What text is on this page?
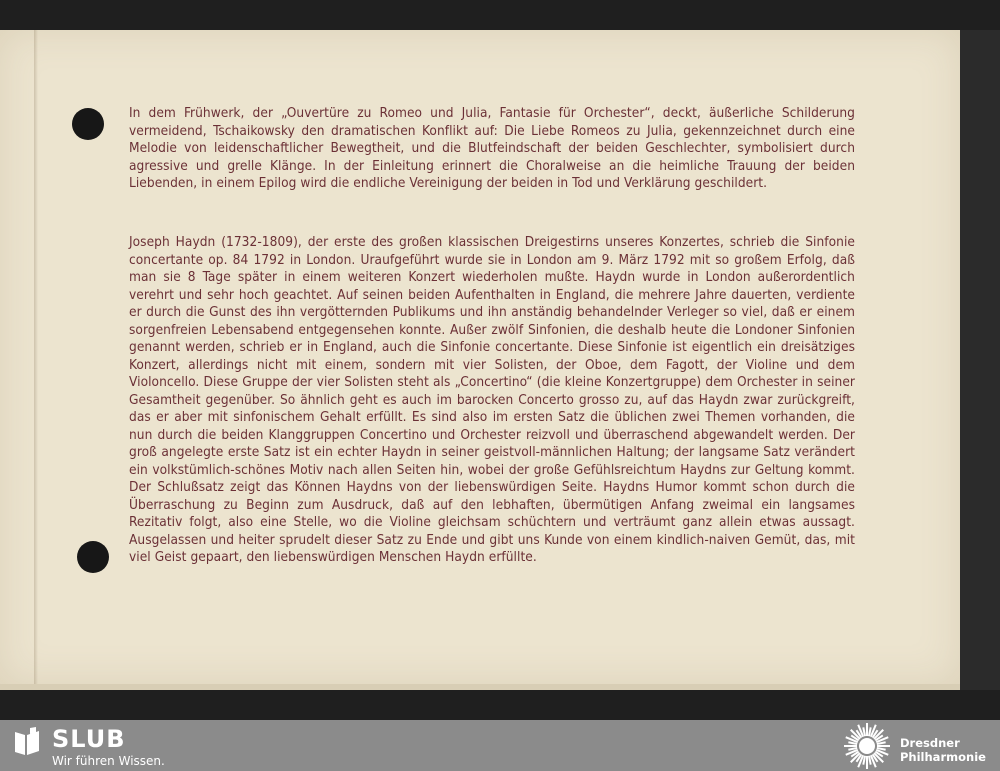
In dem Frühwerk, der „Ouvertüre zu Romeo und Julia, Fantasie für Orchester“, deckt, äußerliche Schilderung vermeidend, Tschaikowsky den dramatischen Konflikt auf: Die Liebe Romeos zu Julia, gekennzeichnet durch eine Melodie von leidenschaftlicher Bewegtheit, und die Blutfeindschaft der beiden Geschlechter, symbolisiert durch agressive und grelle Klänge. In der Einleitung erinnert die Choralweise an die heimliche Trauung der beiden Liebenden, in einem Epilog wird die endliche Vereinigung der beiden in Tod und Verklärung geschildert.
Joseph Haydn (1732-1809), der erste des großen klassischen Dreigestirns unseres Konzertes, schrieb die Sinfonie concertante op. 84 1792 in London. Uraufgeführt wurde sie in London am 9. März 1792 mit so großem Erfolg, daß man sie 8 Tage später in einem weiteren Konzert wiederholen mußte. Haydn wurde in London außerordentlich verehrt und sehr hoch geachtet. Auf seinen beiden Aufenthalten in England, die mehrere Jahre dauerten, verdiente er durch die Gunst des ihn vergötternden Publikums und ihn anständig behandelnder Verleger so viel, daß er einem sorgenfreien Lebensabend entgegensehen konnte. Außer zwölf Sinfonien, die deshalb heute die Londoner Sinfonien genannt werden, schrieb er in England, auch die Sinfonie concertante. Diese Sinfonie ist eigentlich ein dreisätziges Konzert, allerdings nicht mit einem, sondern mit vier Solisten, der Oboe, dem Fagott, der Violine und dem Violoncello. Diese Gruppe der vier Solisten steht als „Concertino“ (die kleine Konzertgruppe) dem Orchester in seiner Gesamtheit gegenüber. So ähnlich geht es auch im barocken Concerto grosso zu, auf das Haydn zwar zurückgreift, das er aber mit sinfonischem Gehalt erfüllt. Es sind also im ersten Satz die üblichen zwei Themen vorhanden, die nun durch die beiden Klanggruppen Concertino und Orchester reizvoll und überraschend abgewandelt werden. Der groß angelegte erste Satz ist ein echter Haydn in seiner geistvoll-männlichen Haltung; der langsame Satz verändert ein volkstümlich-schönes Motiv nach allen Seiten hin, wobei der große Gefühlsreichtum Haydns zur Geltung kommt. Der Schlußsatz zeigt das Können Haydns von der liebenswürdigen Seite. Haydns Humor kommt schon durch die Überraschung zu Beginn zum Ausdruck, daß auf den lebhaften, übermütigen Anfang zweimal ein langsames Rezitativ folgt, also eine Stelle, wo die Violine gleichsam schüchtern und verträumt ganz allein etwas aussagt. Ausgelassen und heiter sprudelt dieser Satz zu Ende und gibt uns Kunde von einem kindlich-naiven Gemüt, das, mit viel Geist gepaart, den liebenswürdigen Menschen Haydn erfüllte.
SLUB
Wir führen Wissen.
Dresdner
Philharmonie
